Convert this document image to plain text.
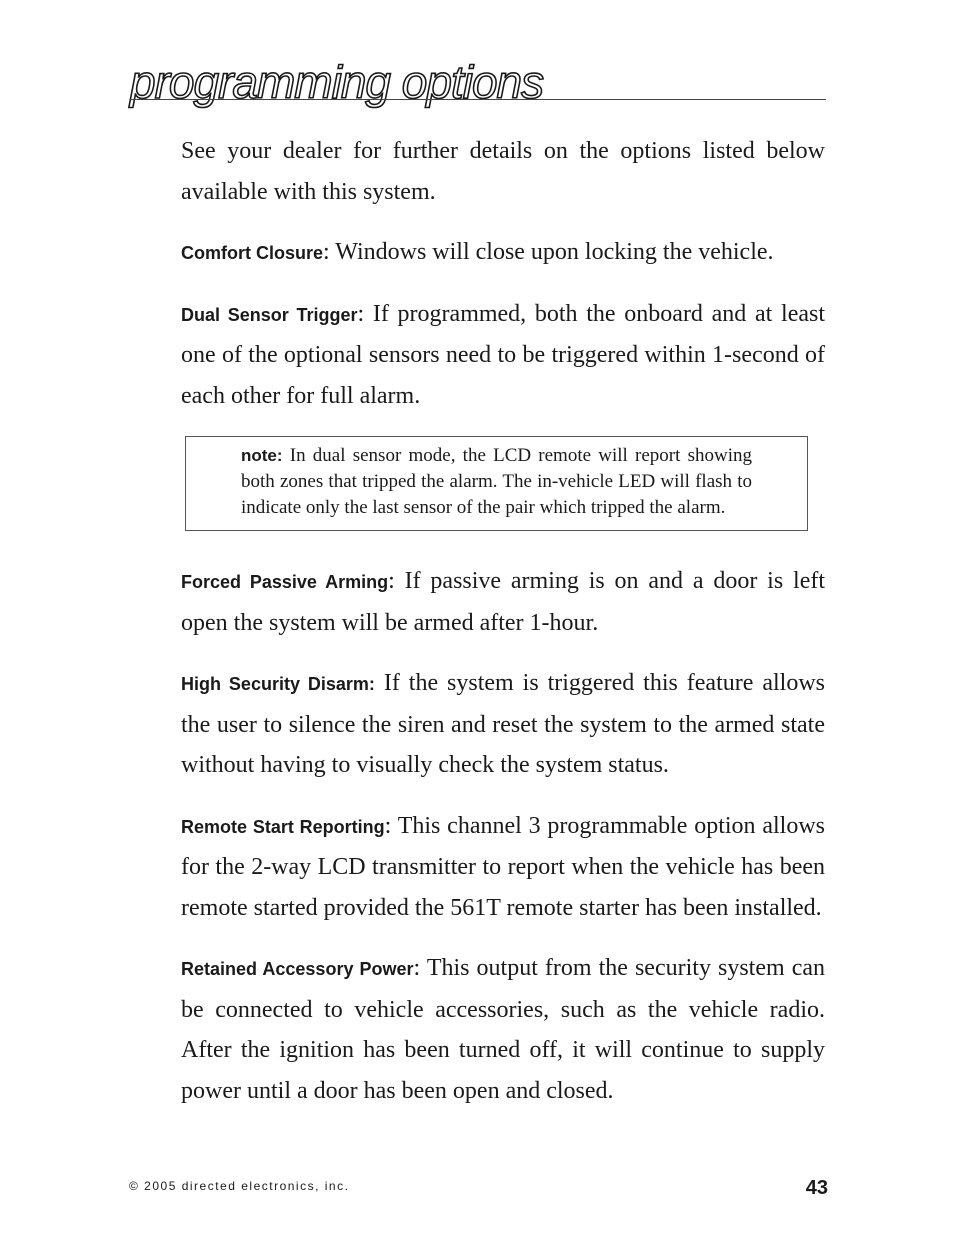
programming options

See your dealer for further details on the options listed below available with this system.

Comfort Closure: Windows will close upon locking the vehicle.

Dual Sensor Trigger: If programmed, both the onboard and at least one of the optional sensors need to be triggered within 1-second of each other for full alarm.

note: In dual sensor mode, the LCD remote will report showing both zones that tripped the alarm. The in-vehicle LED will flash to indicate only the last sensor of the pair which tripped the alarm.

Forced Passive Arming: If passive arming is on and a door is left open the system will be armed after 1-hour.

High Security Disarm: If the system is triggered this feature allows the user to silence the siren and reset the system to the armed state without having to visually check the system status.

Remote Start Reporting: This channel 3 programmable option allows for the 2-way LCD transmitter to report when the vehicle has been remote started provided the 561T remote starter has been installed.

Retained Accessory Power: This output from the security system can be connected to vehicle accessories, such as the vehicle radio. After the ignition has been turned off, it will continue to supply power until a door has been open and closed.

© 2005 directed electronics, inc.	43
